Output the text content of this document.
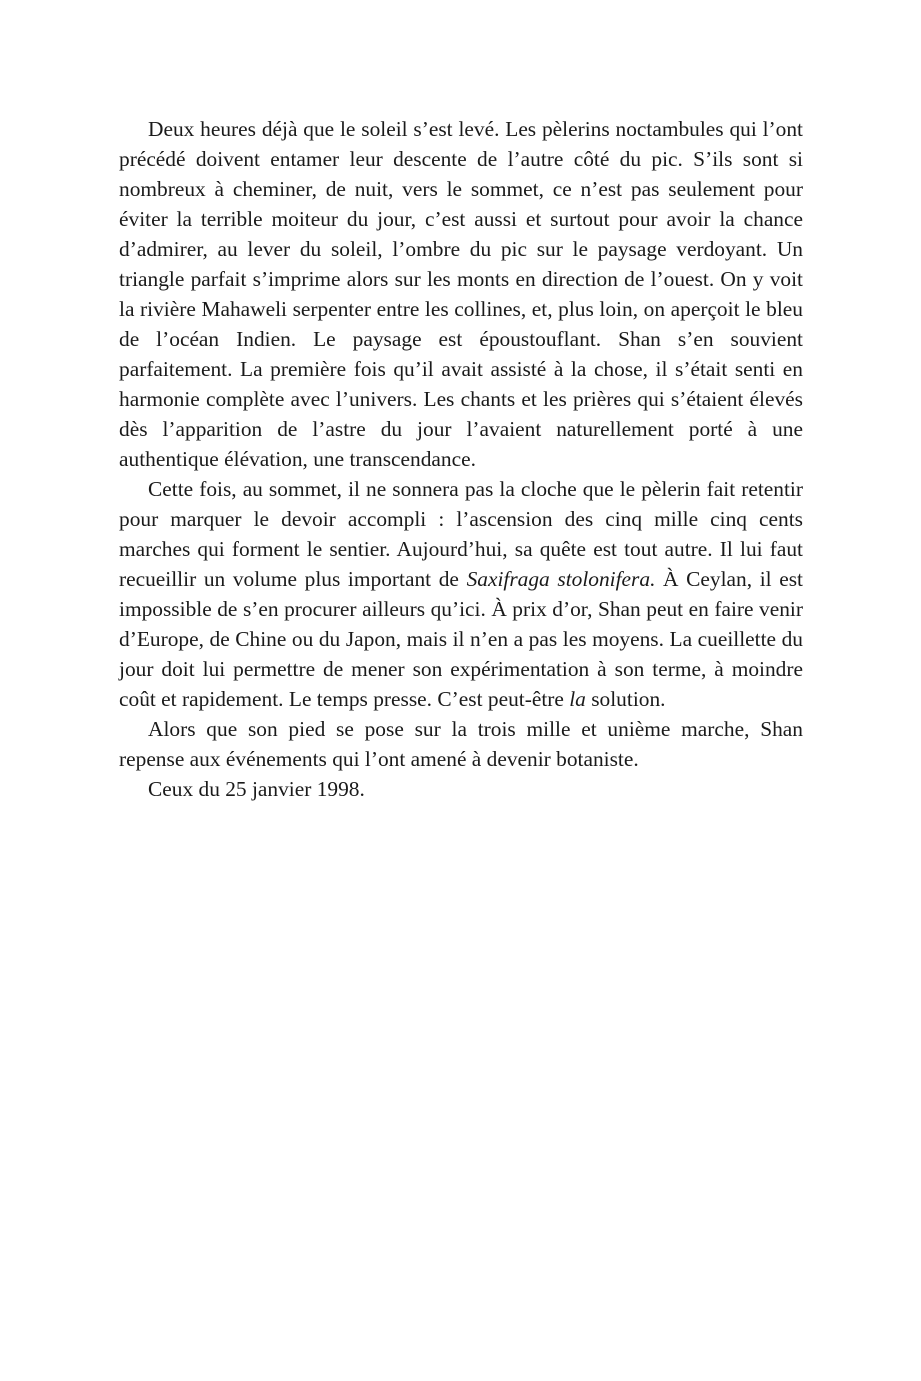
Deux heures déjà que le soleil s’est levé. Les pèlerins noctambules qui l’ont précédé doivent entamer leur descente de l’autre côté du pic. S’ils sont si nombreux à cheminer, de nuit, vers le sommet, ce n’est pas seulement pour éviter la terrible moiteur du jour, c’est aussi et surtout pour avoir la chance d’admirer, au lever du soleil, l’ombre du pic sur le paysage verdoyant. Un triangle parfait s’imprime alors sur les monts en direction de l’ouest. On y voit la rivière Mahaweli serpenter entre les collines, et, plus loin, on aperçoit le bleu de l’océan Indien. Le paysage est époustouflant. Shan s’en souvient parfaitement. La première fois qu’il avait assisté à la chose, il s’était senti en harmonie complète avec l’univers. Les chants et les prières qui s’étaient élevés dès l’apparition de l’astre du jour l’avaient naturellement porté à une authentique élévation, une transcendance.

Cette fois, au sommet, il ne sonnera pas la cloche que le pèlerin fait retentir pour marquer le devoir accompli : l’ascension des cinq mille cinq cents marches qui forment le sentier. Aujourd’hui, sa quête est tout autre. Il lui faut recueillir un volume plus important de Saxifraga stolonifera. À Ceylan, il est impossible de s’en procurer ailleurs qu’ici. À prix d’or, Shan peut en faire venir d’Europe, de Chine ou du Japon, mais il n’en a pas les moyens. La cueillette du jour doit lui permettre de mener son expérimentation à son terme, à moindre coût et rapidement. Le temps presse. C’est peut-être la solution.

Alors que son pied se pose sur la trois mille et unième marche, Shan repense aux événements qui l’ont amené à devenir botaniste.

Ceux du 25 janvier 1998.
